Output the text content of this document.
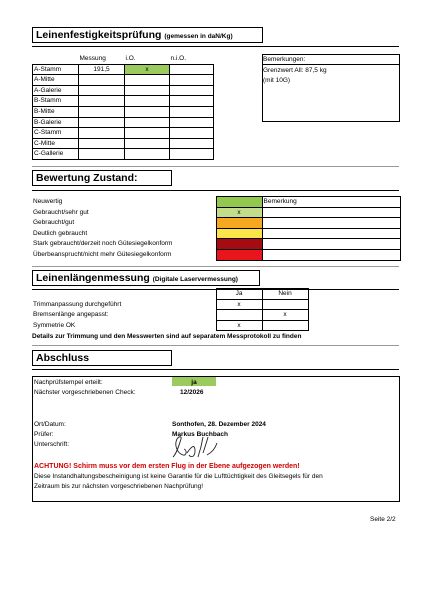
Leinenfestigkeitsprüfung (gemessen in daN/Kg)
	Messung	i.O.	n.i.O.	
A-Stamm	191,5	x		
A-Mitte				
A-Galerie				
B-Stamm				
B-Mitte				
B-Galerie				
C-Stamm				
C-Mitte				
C-Gallerie				
Bemerkungen:
Grenzwert All: 87,5 kg
(mit 10G)
Bewertung Zustand:
Neuwertig		Bemerkung
Gebraucht/sehr gut	x	
Gebraucht/gut		
Deutlich gebraucht		
Stark gebraucht/derzeit noch Gütesiegelkonform		
Überbeansprucht/nicht mehr Gütesiegelkonform		
Leinenlängenmessung (Digitale Laservermessung)
	Ja	Nein
Trimmanpassung durchgeführt	x	
Bremsenlänge angepasst:		x
Symmetrie OK	x	
Details zur Trimmung und den Messwerten sind auf separatem Messprotokoll zu finden
Abschluss
Nachprüfstempel erteilt:	ja
Nächster vorgeschriebenen Check:	12/2026
Ort/Datum:	Sonthofen, 28. Dezember 2024
Prüfer:	Markus Buchbach
Unterschrift:
ACHTUNG! Schirm muss vor dem ersten Flug in der Ebene aufgezogen werden!
Diese Instandhaltungsbescheinigung ist keine Garantie für die Lufttüchtigkeit des Gleitsegels für den
Zeitraum bis zur nächsten vorgeschriebenen Nachprüfung!
Seite 2/2
